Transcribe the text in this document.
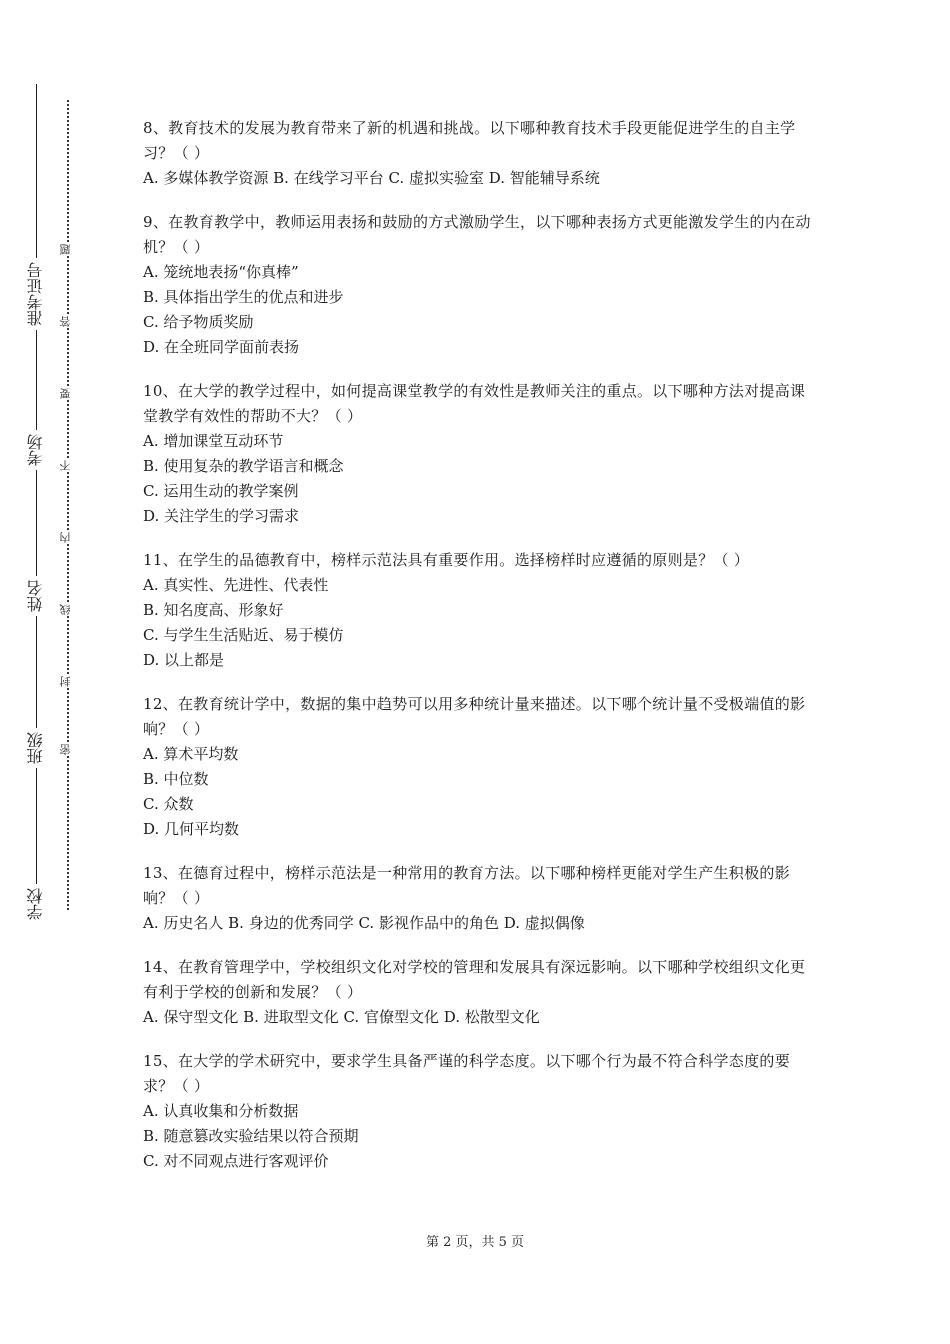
学校
班级
姓名
考场
准考证号
密
封
线
内
不
要
答
题

8、教育技术的发展为教育带来了新的机遇和挑战。以下哪种教育技术手段更能促进学生的自主学习？（ ）

A. 多媒体教学资源 B. 在线学习平台 C. 虚拟实验室 D. 智能辅导系统

9、在教育教学中，教师运用表扬和鼓励的方式激励学生，以下哪种表扬方式更能激发学生的内在动机？（ ）

A. 笼统地表扬“你真棒”

B. 具体指出学生的优点和进步

C. 给予物质奖励

D. 在全班同学面前表扬

10、在大学的教学过程中，如何提高课堂教学的有效性是教师关注的重点。以下哪种方法对提高课堂教学有效性的帮助不大？（ ）

A. 增加课堂互动环节

B. 使用复杂的教学语言和概念

C. 运用生动的教学案例

D. 关注学生的学习需求

11、在学生的品德教育中，榜样示范法具有重要作用。选择榜样时应遵循的原则是？（ ）

A. 真实性、先进性、代表性

B. 知名度高、形象好

C. 与学生生活贴近、易于模仿

D. 以上都是

12、在教育统计学中，数据的集中趋势可以用多种统计量来描述。以下哪个统计量不受极端值的影响？（ ）

A. 算术平均数

B. 中位数

C. 众数

D. 几何平均数

13、在德育过程中，榜样示范法是一种常用的教育方法。以下哪种榜样更能对学生产生积极的影响？（ ）

A. 历史名人 B. 身边的优秀同学 C. 影视作品中的角色 D. 虚拟偶像

14、在教育管理学中，学校组织文化对学校的管理和发展具有深远影响。以下哪种学校组织文化更有利于学校的创新和发展？（ ）

A. 保守型文化 B. 进取型文化 C. 官僚型文化 D. 松散型文化

15、在大学的学术研究中，要求学生具备严谨的科学态度。以下哪个行为最不符合科学态度的要求？（ ）

A. 认真收集和分析数据

B. 随意篡改实验结果以符合预期

C. 对不同观点进行客观评价

第 2 页，共 5 页
